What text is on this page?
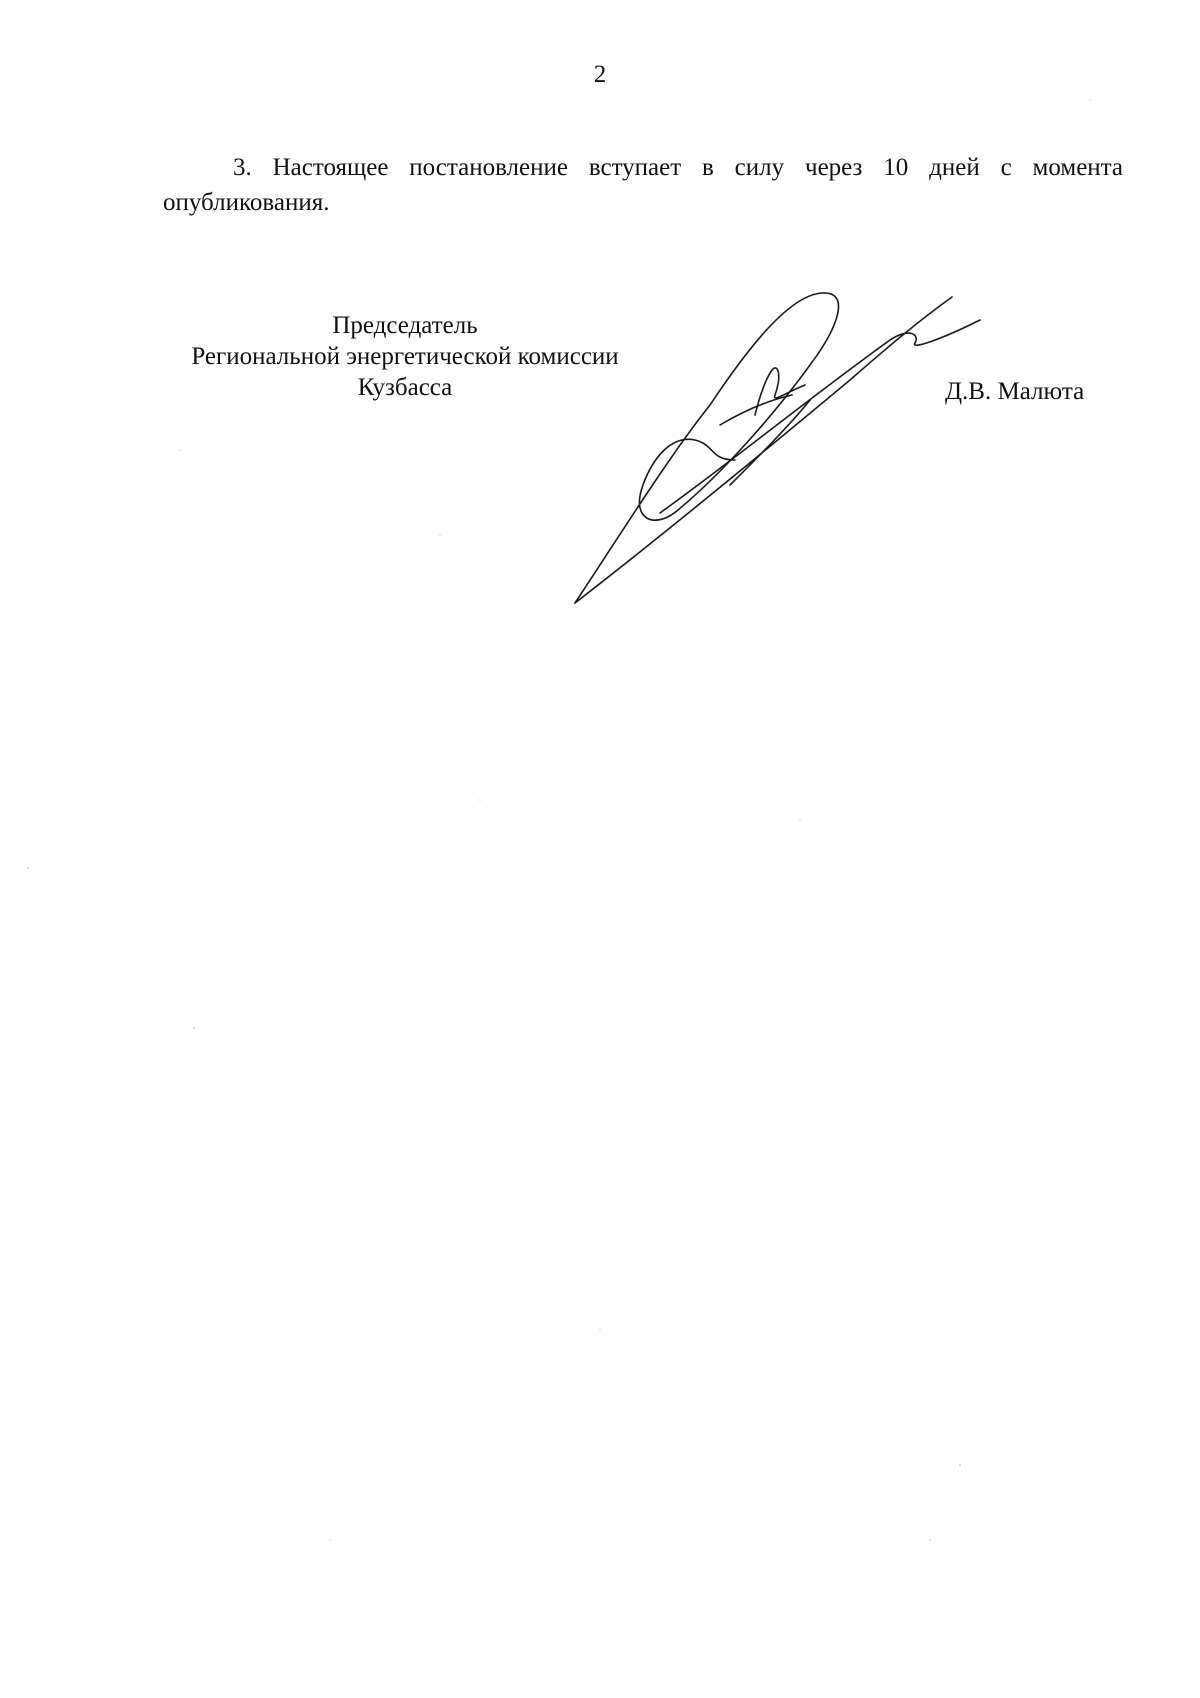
2

3. Настоящее постановление вступает в силу через 10 дней с момента опубликования.

Председатель
Региональной энергетической комиссии
Кузбасса	Д.В. Малюта
